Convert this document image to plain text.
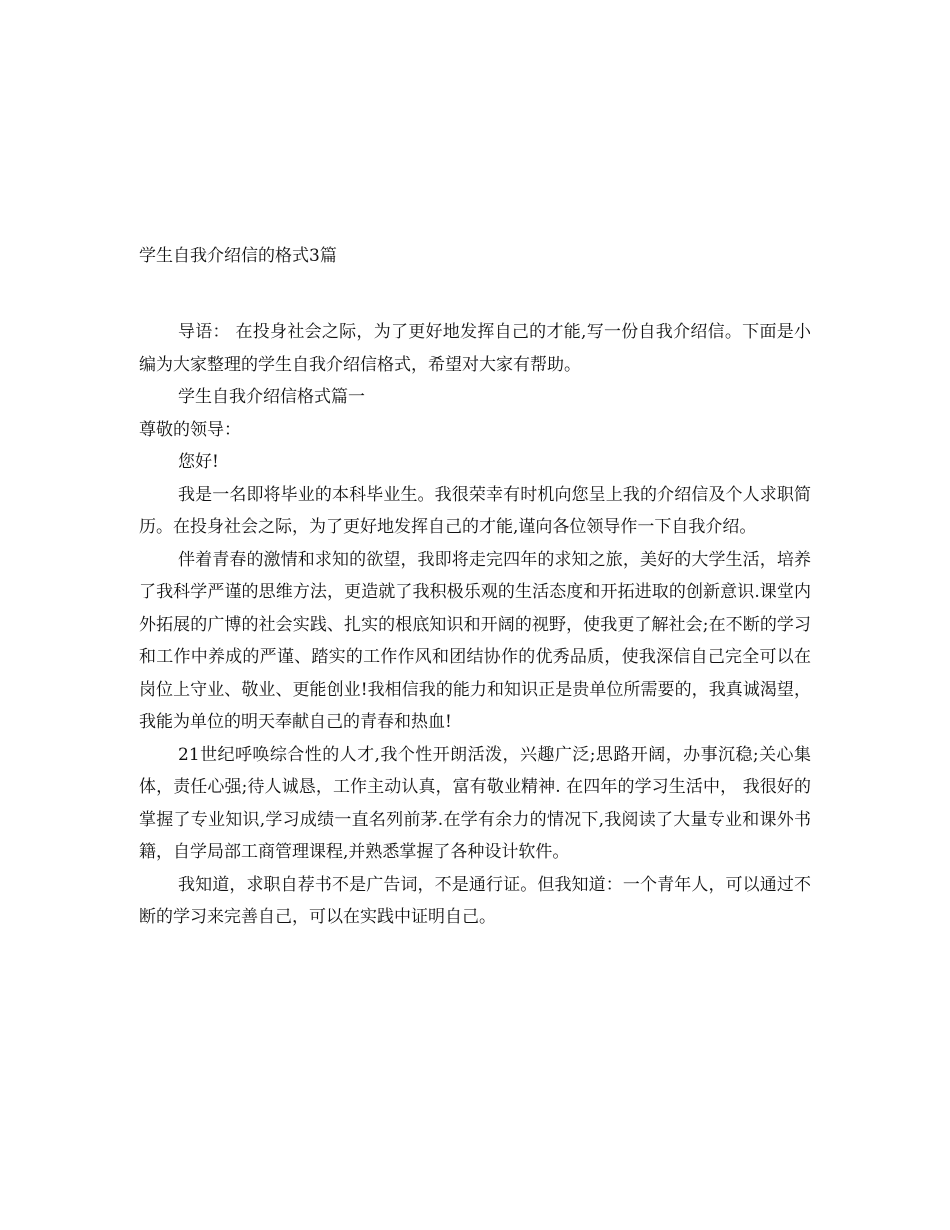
学生自我介绍信的格式3篇

导语： 在投身社会之际，为了更好地发挥自己的才能,写一份自我介绍信。下面是小编为大家整理的学生自我介绍信格式，希望对大家有帮助。

学生自我介绍信格式篇一

尊敬的领导：

您好!

我是一名即将毕业的本科毕业生。我很荣幸有时机向您呈上我的介绍信及个人求职简历。在投身社会之际，为了更好地发挥自己的才能,谨向各位领导作一下自我介绍。

伴着青春的激情和求知的欲望，我即将走完四年的求知之旅，美好的大学生活，培养了我科学严谨的思维方法，更造就了我积极乐观的生活态度和开拓进取的创新意识.课堂内外拓展的广博的社会实践、扎实的根底知识和开阔的视野，使我更了解社会;在不断的学习和工作中养成的严谨、踏实的工作作风和团结协作的优秀品质，使我深信自己完全可以在岗位上守业、敬业、更能创业!我相信我的能力和知识正是贵单位所需要的，我真诚渴望，我能为单位的明天奉献自己的青春和热血!

21世纪呼唤综合性的人才,我个性开朗活泼，兴趣广泛;思路开阔，办事沉稳;关心集体，责任心强;待人诚恳，工作主动认真，富有敬业精神. 在四年的学习生活中， 我很好的掌握了专业知识,学习成绩一直名列前茅.在学有余力的情况下,我阅读了大量专业和课外书籍，自学局部工商管理课程,并熟悉掌握了各种设计软件。

我知道，求职自荐书不是广告词，不是通行证。但我知道：一个青年人，可以通过不断的学习来完善自己，可以在实践中证明自己。
